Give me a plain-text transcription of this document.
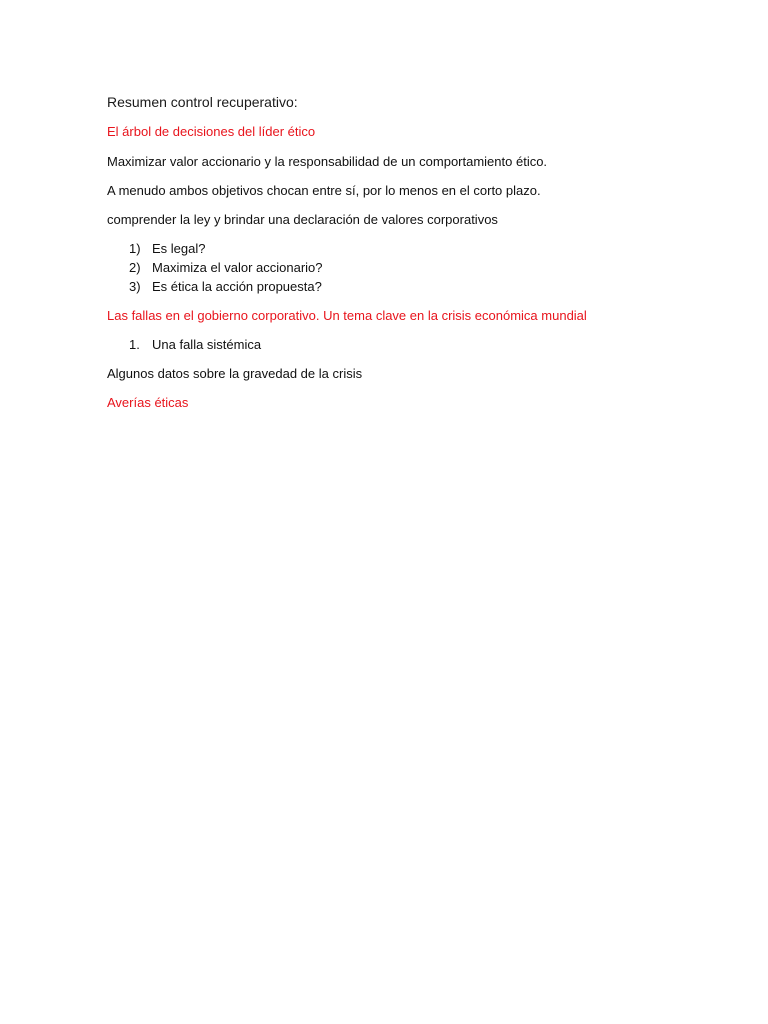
Resumen control recuperativo:
El árbol de decisiones del líder ético
Maximizar valor accionario y la responsabilidad de un comportamiento ético.
A menudo ambos objetivos chocan entre sí, por lo menos en el corto plazo.
comprender la ley y brindar una declaración de valores corporativos
1) Es legal?
2) Maximiza el valor accionario?
3) Es ética la acción propuesta?
Las fallas en el gobierno corporativo. Un tema clave en la crisis económica mundial
1. Una falla sistémica
Algunos datos sobre la gravedad de la crisis
Averías éticas
